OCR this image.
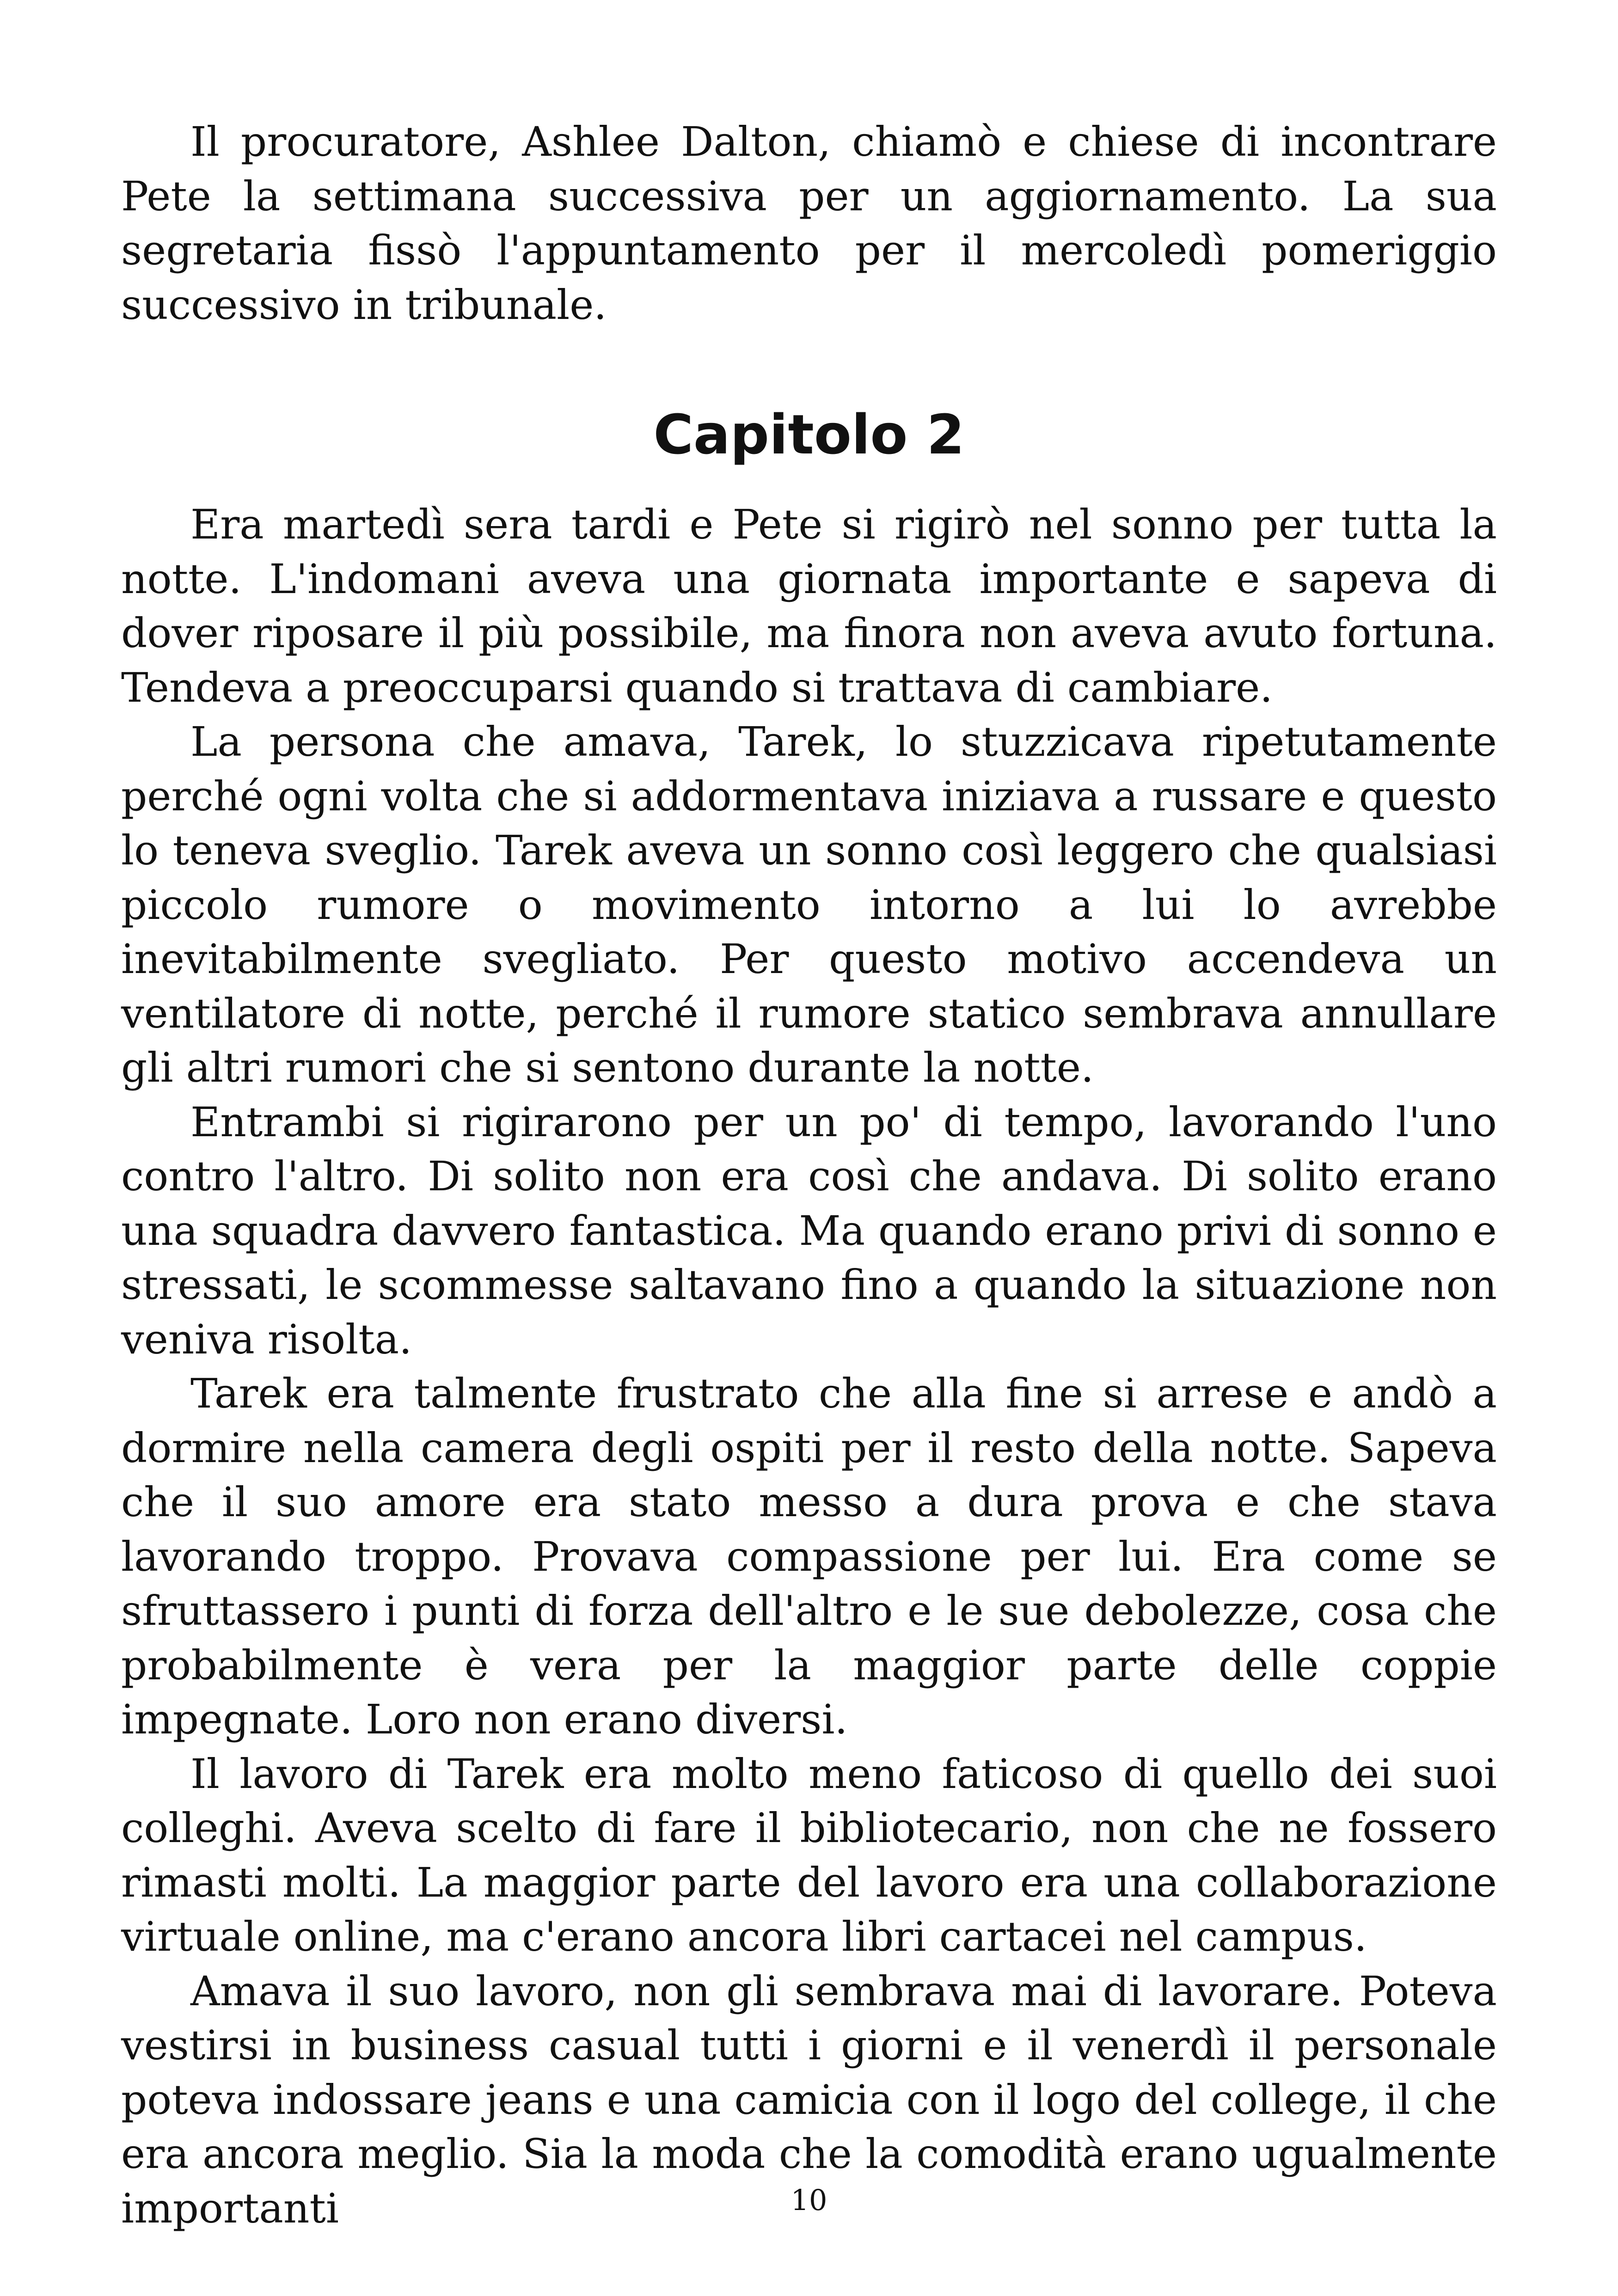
Il procuratore, Ashlee Dalton, chiamò e chiese di incontrare Pete la settimana successiva per un aggiornamento. La sua segretaria fissò l'appuntamento per il mercoledì pomeriggio successivo in tribunale.

Capitolo 2

Era martedì sera tardi e Pete si rigirò nel sonno per tutta la notte. L'indomani aveva una giornata importante e sapeva di dover riposare il più possibile, ma finora non aveva avuto fortuna. Tendeva a preoccuparsi quando si trattava di cambiare.

La persona che amava, Tarek, lo stuzzicava ripetutamente perché ogni volta che si addormentava iniziava a russare e questo lo teneva sveglio. Tarek aveva un sonno così leggero che qualsiasi piccolo rumore o movimento intorno a lui lo avrebbe inevitabilmente svegliato. Per questo motivo accendeva un ventilatore di notte, perché il rumore statico sembrava annullare gli altri rumori che si sentono durante la notte.

Entrambi si rigirarono per un po' di tempo, lavorando l'uno contro l'altro. Di solito non era così che andava. Di solito erano una squadra davvero fantastica. Ma quando erano privi di sonno e stressati, le scommesse saltavano fino a quando la situazione non veniva risolta.

Tarek era talmente frustrato che alla fine si arrese e andò a dormire nella camera degli ospiti per il resto della notte. Sapeva che il suo amore era stato messo a dura prova e che stava lavorando troppo. Provava compassione per lui. Era come se sfruttassero i punti di forza dell'altro e le sue debolezze, cosa che probabilmente è vera per la maggior parte delle coppie impegnate. Loro non erano diversi.

Il lavoro di Tarek era molto meno faticoso di quello dei suoi colleghi. Aveva scelto di fare il bibliotecario, non che ne fossero rimasti molti. La maggior parte del lavoro era una collaborazione virtuale online, ma c'erano ancora libri cartacei nel campus.

Amava il suo lavoro, non gli sembrava mai di lavorare. Poteva vestirsi in business casual tutti i giorni e il venerdì il personale poteva indossare jeans e una camicia con il logo del college, il che era ancora meglio. Sia la moda che la comodità erano ugualmente importanti	10
